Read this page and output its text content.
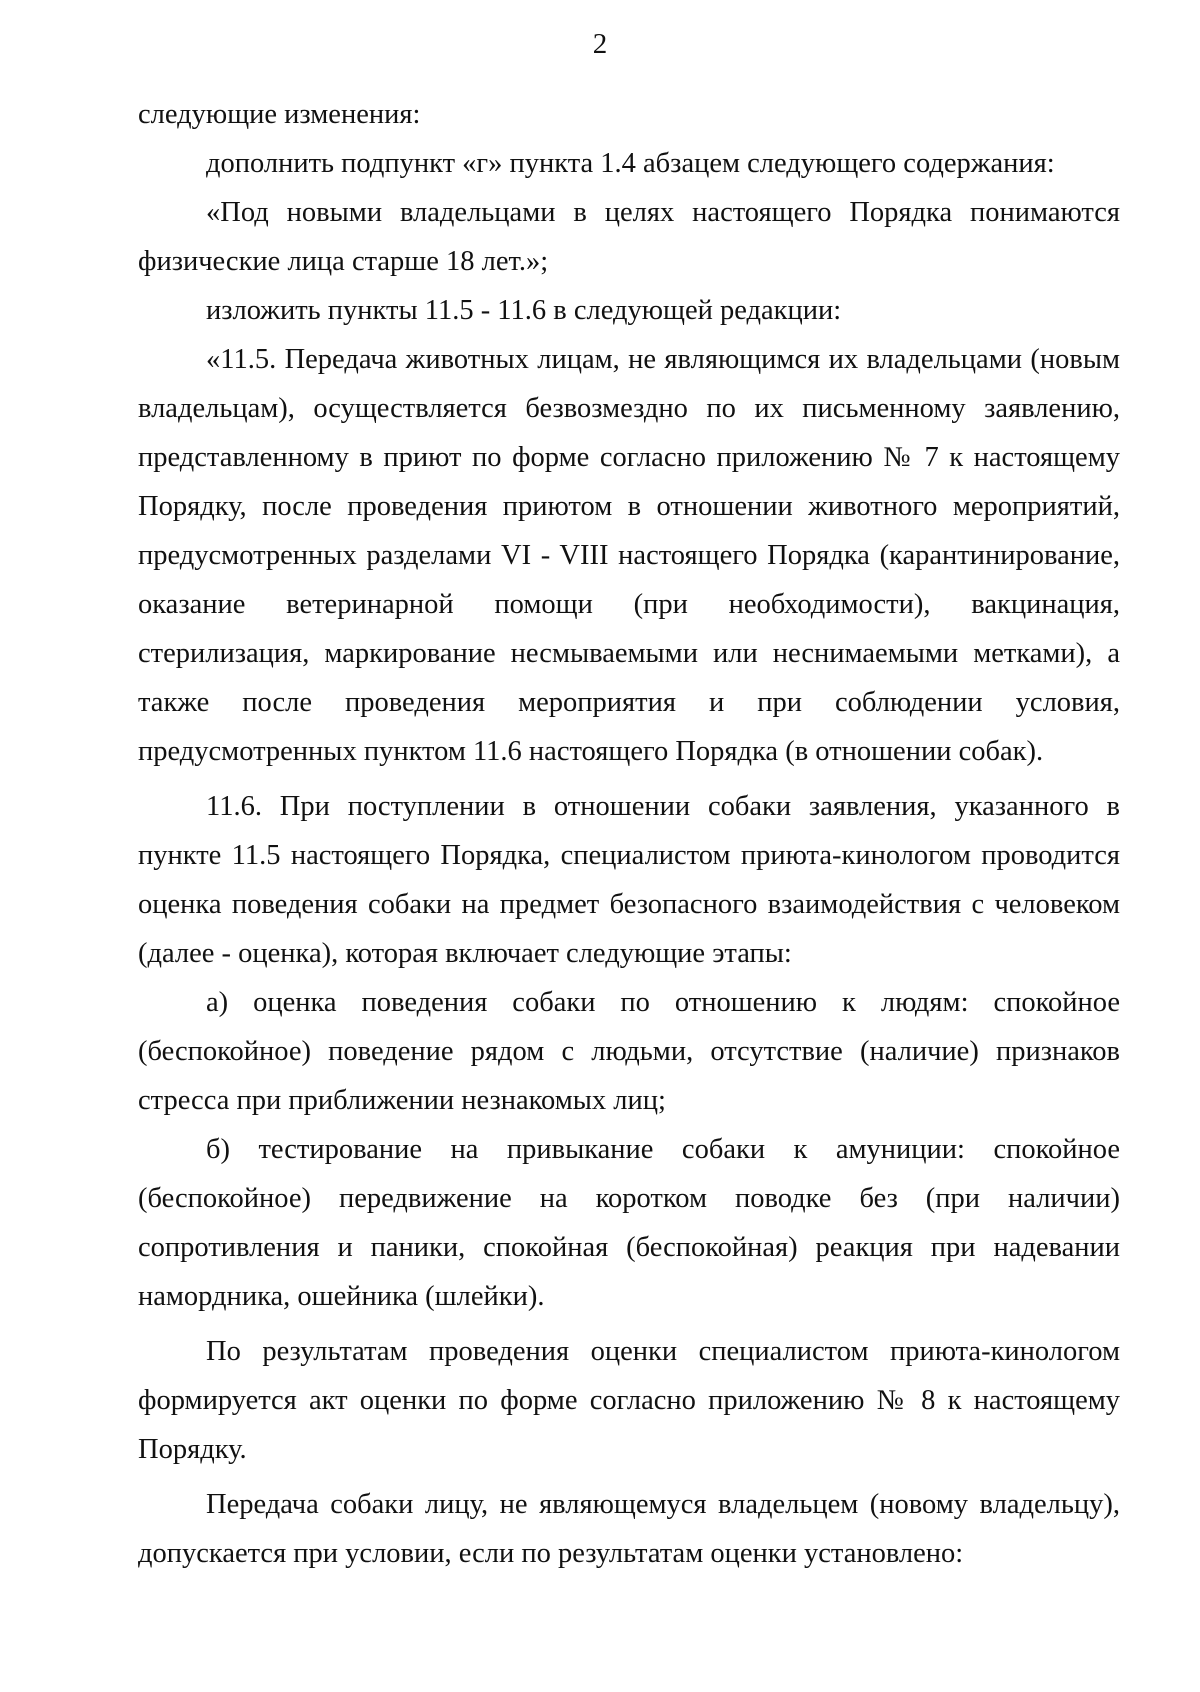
2

следующие изменения:

дополнить подпункт «г» пункта 1.4 абзацем следующего содержания:

«Под новыми владельцами в целях настоящего Порядка понимаются физические лица старше 18 лет.»;

изложить пункты 11.5 - 11.6 в следующей редакции:

«11.5. Передача животных лицам, не являющимся их владельцами (новым владельцам), осуществляется безвозмездно по их письменному заявлению, представленному в приют по форме согласно приложению № 7 к настоящему Порядку, после проведения приютом в отношении животного мероприятий, предусмотренных разделами VI - VIII настоящего Порядка (карантинирование, оказание ветеринарной помощи (при необходимости), вакцинация, стерилизация, маркирование несмываемыми или неснимаемыми метками), а также после проведения мероприятия и при соблюдении условия, предусмотренных пунктом 11.6 настоящего Порядка (в отношении собак).

11.6. При поступлении в отношении собаки заявления, указанного в пункте 11.5 настоящего Порядка, специалистом приюта-кинологом проводится оценка поведения собаки на предмет безопасного взаимодействия с человеком (далее - оценка), которая включает следующие этапы:

а) оценка поведения собаки по отношению к людям: спокойное (беспокойное) поведение рядом с людьми, отсутствие (наличие) признаков стресса при приближении незнакомых лиц;

б) тестирование на привыкание собаки к амуниции: спокойное (беспокойное) передвижение на коротком поводке без (при наличии) сопротивления и паники, спокойная (беспокойная) реакция при надевании намордника, ошейника (шлейки).

По результатам проведения оценки специалистом приюта-кинологом формируется акт оценки по форме согласно приложению № 8 к настоящему Порядку.

Передача собаки лицу, не являющемуся владельцем (новому владельцу), допускается при условии, если по результатам оценки установлено:
